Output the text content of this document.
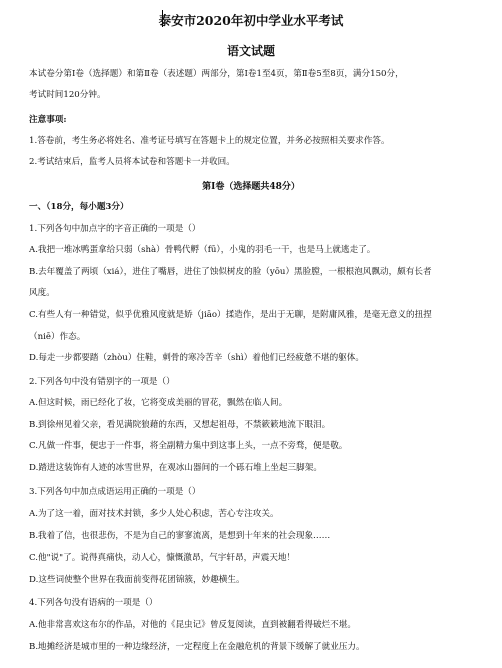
泰安市2020年初中学业水平考试
语文试题
本试卷分第Ⅰ卷（选择题）和第Ⅱ卷（表述题）两部分，第Ⅰ卷1至4页，第Ⅱ卷5至8页，满分150分，
考试时间120分钟。
注意事项:
1.答卷前，考生务必将姓名、准考证号填写在答题卡上的规定位置，并务必按照相关要求作答。
2.考试结束后，监考人员将本试卷和答题卡一并收回。
第Ⅰ卷（选择题共48分）
一、（18分，每小题3分）
1.下列各句中加点字的字音正确的一项是（）
A.我把一堆冰鸭蛋拿给只弱（shà）骨鸭代孵（fū），小鬼的羽毛一干，也是马上就逃走了。
B.去年覆盖了两顷（xiá），进住了嘴唇，进住了蚀似树皮的脸（yōu）黑脸膛，一根根泡风飘动，颇有长者
风度。
C.有些人有一种错觉，似乎优雅风度就是娇（jiāo）揉造作，是出于无聊，是附庸风雅，是毫无意义的扭捏
（niē）作态。
D.每走一步都要踏（zhòu）住鞋，刺骨的寒冷苦辛（shì）着他们已经疲惫不堪的躯体。
2.下列各句中没有错别字的一项是（）
A.但这时候，雨已经化了妆，它将变成美丽的冒花，飘然在临人间。
B.到徐州见着父亲，看见满院狼藉的东西，又想起祖母，不禁簌簌地流下眼泪。
C.凡做一件事，便忠于一件事，将全副精力集中到这事上头，一点不旁骛，便是敬。
D.踏进这装饰有人迹的冰雪世界，在观冰山器间的一个砾石堆上坐起三脚架。
3.下列各句中加点成语运用正确的一项是（）
A.为了这一着，面对技术封锁，多少人处心积虑，苦心专注攻关。
B.我着了信，也很悲伤，不是为自己的寥寥流离，是想到十年来的社会现象……
C.他"说"了。说得真痛快，动人心，慷慨激昂，气宇轩昂，声震天地！
D.这些词使整个世界在我面前变得花团锦簇，妙趣横生。
4.下列各句没有语病的一项是（）
A.他非常喜欢这布尔的作品，对他的《昆虫记》曾反复阅读，直到被翻看得破烂不堪。
B.地摊经济是城市里的一种边缘经济，一定程度上在金融危机的背景下缓解了就业压力。
